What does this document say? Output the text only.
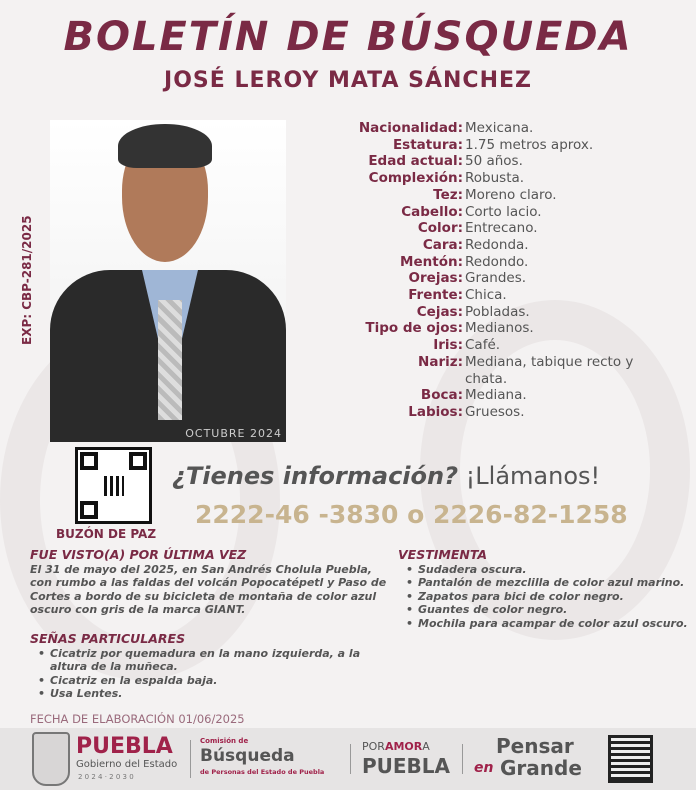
BOLETÍN DE BÚSQUEDA
JOSÉ LEROY MATA SÁNCHEZ
OCTUBRE 2024
EXP: CBP-281/2025
Nacionalidad: Mexicana.
Estatura: 1.75 metros aprox.
Edad actual: 50 años.
Complexión: Robusta.
Tez: Moreno claro.
Cabello: Corto lacio.
Color: Entrecano.
Cara: Redonda.
Mentón: Redondo.
Orejas: Grandes.
Frente: Chica.
Cejas: Pobladas.
Tipo de ojos: Medianos.
Iris: Café.
Nariz: Mediana, tabique recto y chata.
Boca: Mediana.
Labios: Gruesos.
BUZÓN DE PAZ
¿Tienes información? ¡Llámanos!
2222-46 -3830 o 2226-82-1258
FUE VISTO(A) POR ÚLTIMA VEZ

El 31 de mayo del 2025, en San Andrés Cholula Puebla, con rumbo a las faldas del volcán Popocatépetl y Paso de Cortes a bordo de su bicicleta de montaña de color azul oscuro con gris de la marca GIANT.

SEÑAS PARTICULARES
• Cicatriz por quemadura en la mano izquierda, a la altura de la muñeca.
• Cicatriz en la espalda baja.
• Usa Lentes.
VESTIMENTA
• Sudadera oscura.
• Pantalón de mezclilla de color azul marino.
• Zapatos para bici de color negro.
• Guantes de color negro.
• Mochila para acampar de color azul oscuro.
FECHA DE ELABORACIÓN 01/06/2025
PUEBLA
Gobierno del Estado
2 0 2 4 · 2 0 3 0
Comisión de
Búsqueda
de Personas del Estado de Puebla
PORAMORA
PUEBLA
Pensar
en Grande
